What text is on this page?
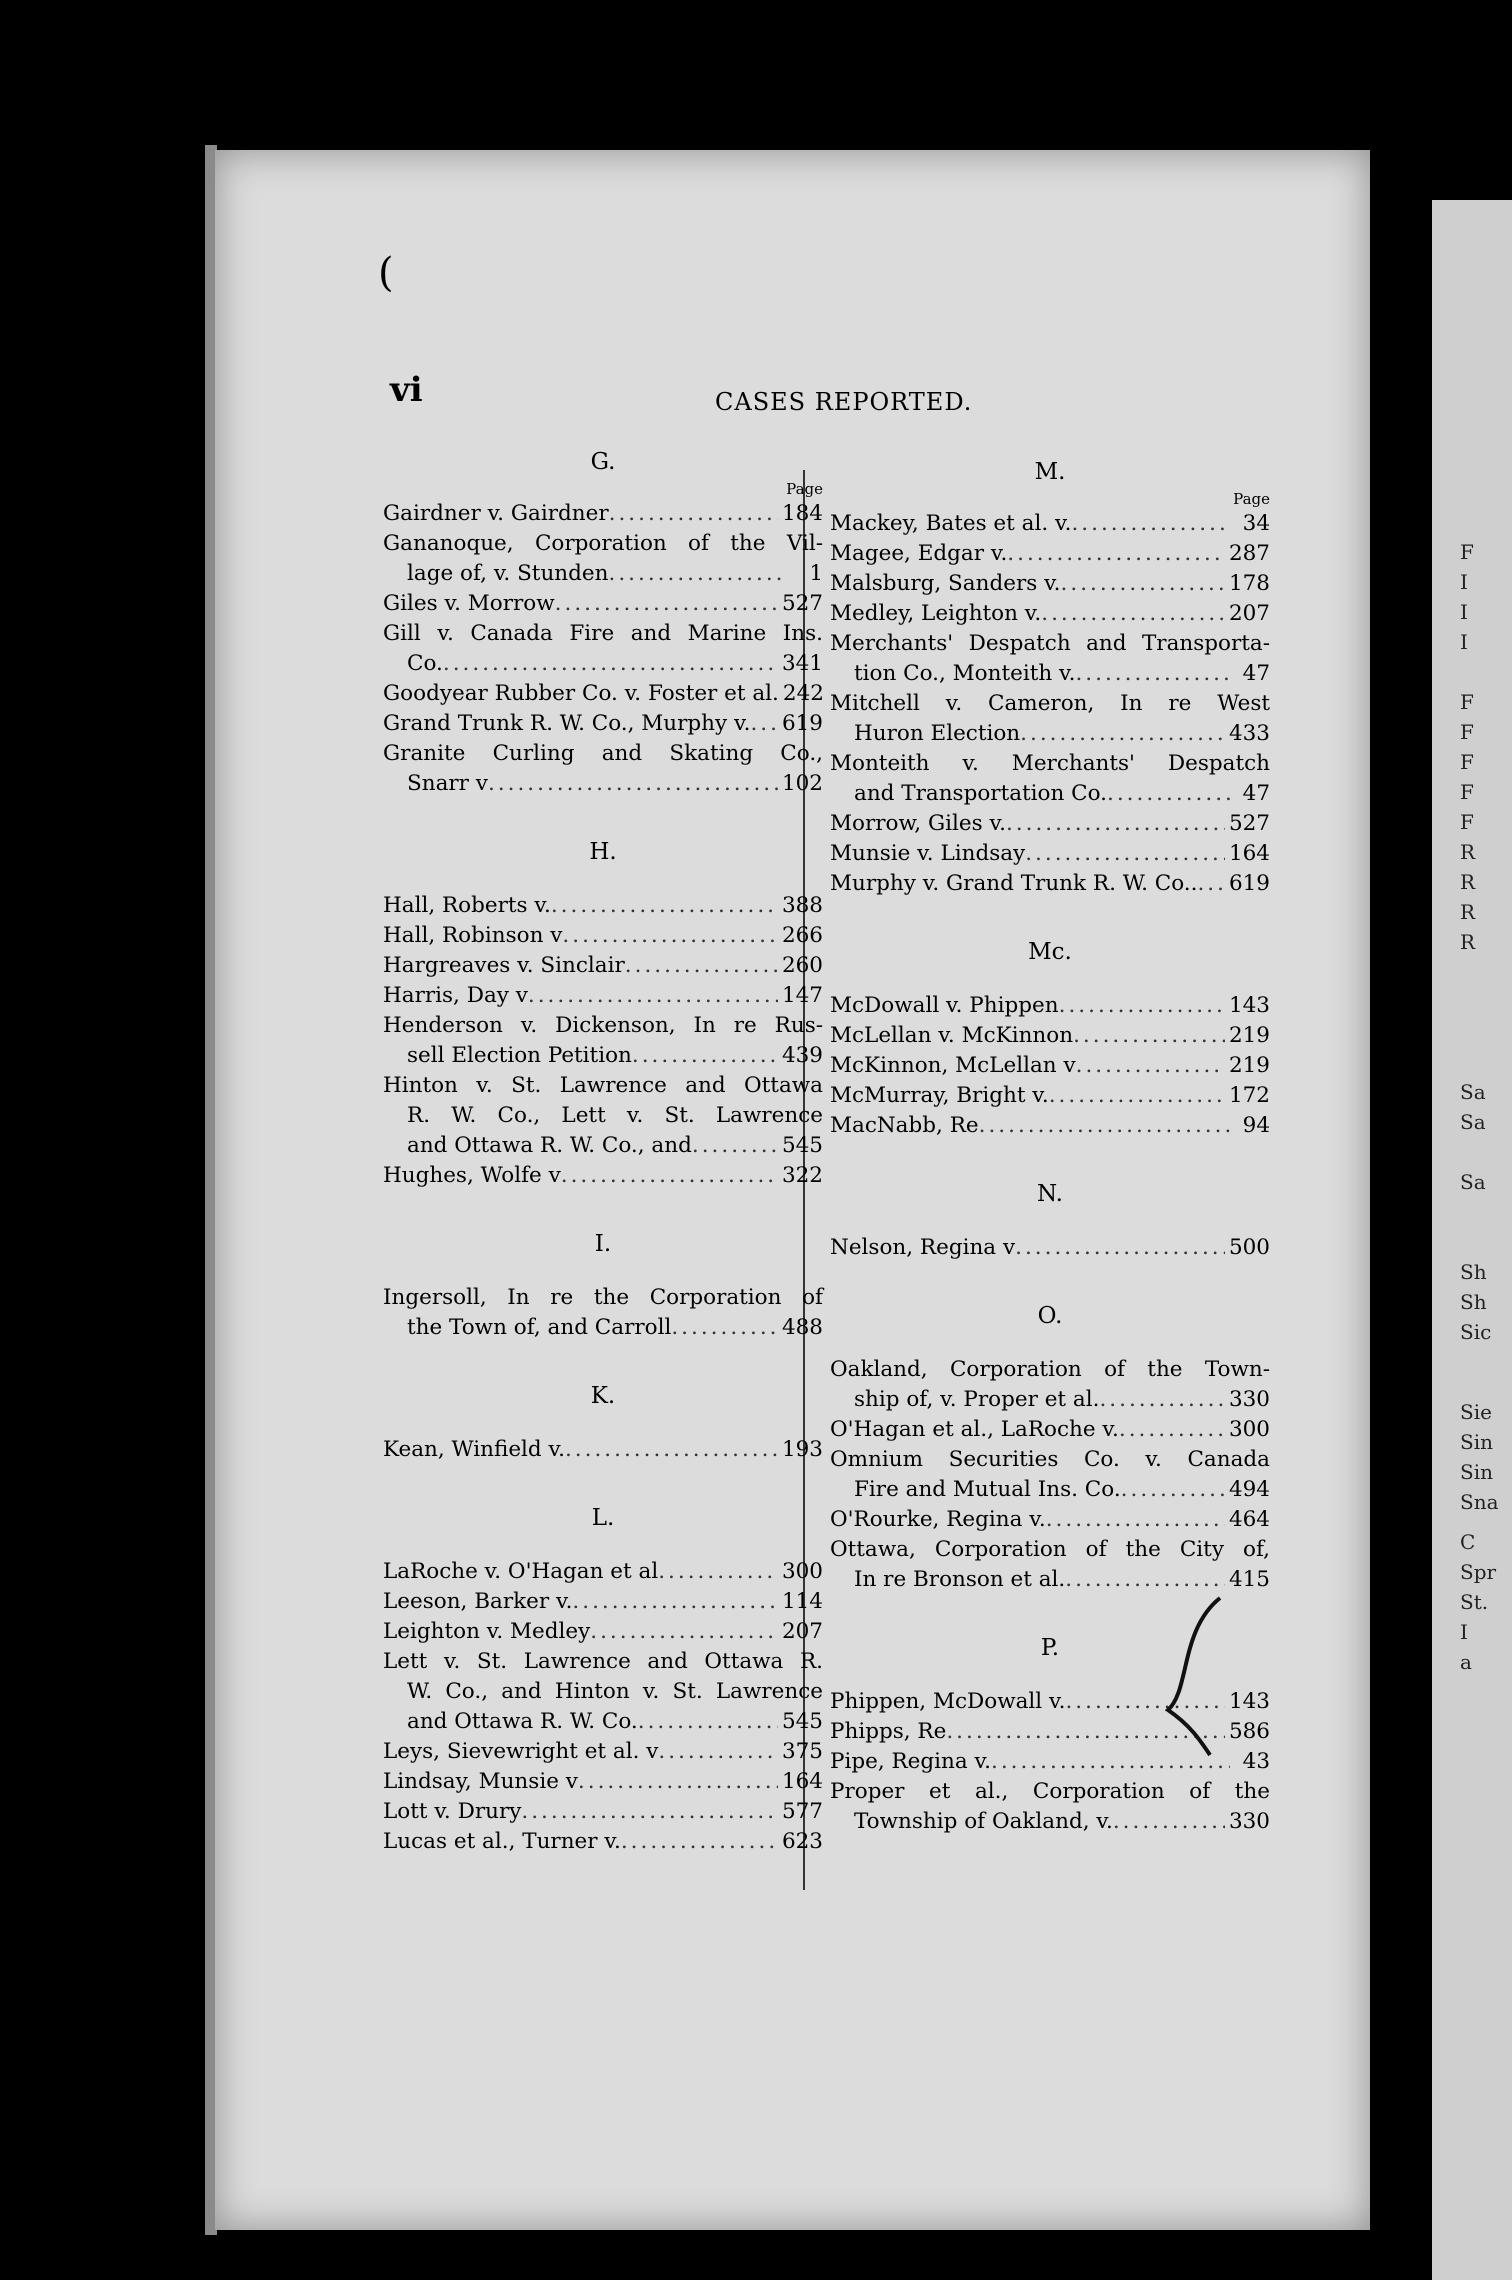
F
I
I
I
F
F
F
F
F
R
R
R
R
Sa
Sa
Sa
Sh
Sh
Sic
Sie
Sin
Sin
Sna
C
Spr
St.
I
a
(
vi	CASES REPORTED.
G.
Page
Gairdner v. Gairdner .....	184
Gananoque, Corporation of the Vil-
lage of, v. Stunden .....	1
Giles v. Morrow .....	527
Gill v. Canada Fire and Marine Ins.
Co. .....	341
Goodyear Rubber Co. v. Foster et al. 242
Grand Trunk R. W. Co., Murphy v. ..... 619
Granite Curling and Skating Co.,
Snarr v .....	102
H.
Hall, Roberts v. .....	388
Hall, Robinson v .....	266
Hargreaves v. Sinclair .....	260
Harris, Day v .....	147
Henderson v. Dickenson, In re Rus-
sell Election Petition .....	439
Hinton v. St. Lawrence and Ottawa
R. W. Co., Lett v. St. Lawrence
and Ottawa R. W. Co., and .....	545
Hughes, Wolfe v .....	322
I.
Ingersoll, In re the Corporation of
the Town of, and Carroll .....	488
K.
Kean, Winfield v. .....	193
L.
LaRoche v. O'Hagan et al .....	300
Leeson, Barker v. .....	114
Leighton v. Medley .....	207
Lett v. St. Lawrence and Ottawa R.
W. Co., and Hinton v. St. Lawrence
and Ottawa R. W. Co. .....	545
Leys, Sievewright et al. v .....	375
Lindsay, Munsie v .....	164
Lott v. Drury .....	577
Lucas et al., Turner v. .....	623
M.
Page
Mackey, Bates et al. v. .....	34
Magee, Edgar v. .....	287
Malsburg, Sanders v. .....	178
Medley, Leighton v. .....	207
Merchants' Despatch and Transporta-
tion Co., Monteith v. .....	47
Mitchell v. Cameron, In re West
Huron Election .....	433
Monteith v. Merchants' Despatch
and Transportation Co. .....	47
Morrow, Giles v. .....	527
Munsie v. Lindsay .....	164
Murphy v. Grand Trunk R. W. Co.. ..... 619
Mc.
McDowall v. Phippen .....	143
McLellan v. McKinnon .....	219
McKinnon, McLellan v .....	219
McMurray, Bright v. .....	172
MacNabb, Re .....	94
N.
Nelson, Regina v .....	500
O.
Oakland, Corporation of the Town-
ship of, v. Proper et al. .....	330
O'Hagan et al., LaRoche v. .....	300
Omnium Securities Co. v. Canada
Fire and Mutual Ins. Co. .....	494
O'Rourke, Regina v. .....	464
Ottawa, Corporation of the City of,
In re Bronson et al. .....	415
P.
Phippen, McDowall v. .....	143
Phipps, Re .....	586
Pipe, Regina v. .....	43
Proper et al., Corporation of the
Township of Oakland, v. .....	330
